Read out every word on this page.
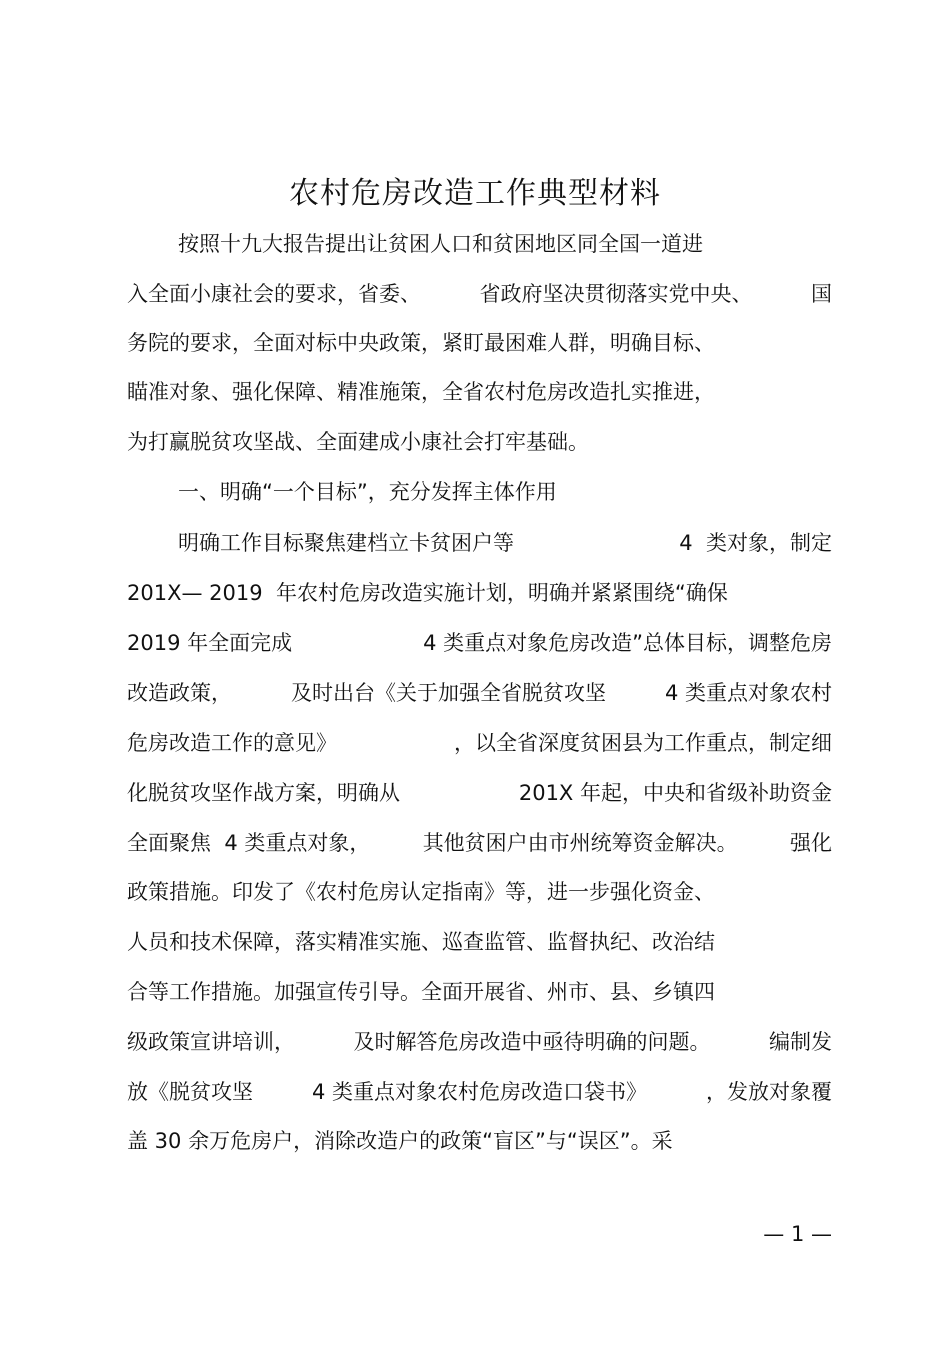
农村危房改造工作典型材料
按照十九大报告提出让贫困人口和贫困地区同全国一道进
入全面小康社会的要求，省委、	省政府坚决贯彻落实党中央、	国
务院的要求，全面对标中央政策，紧盯最困难人群，明确目标、
瞄准对象、强化保障、精准施策，全省农村危房改造扎实推进，
为打赢脱贫攻坚战、全面建成小康社会打牢基础。
一、明确“一个目标”，充分发挥主体作用
明确工作目标聚焦建档立卡贫困户等	4  类对象，制定
201X— 2019  年农村危房改造实施计划，明确并紧紧围绕“确保
2019 年全面完成	4 类重点对象危房改造”总体目标，调整危房
改造政策，	及时出台《关于加强全省脱贫攻坚	4 类重点对象农村
危房改造工作的意见》	，以全省深度贫困县为工作重点，制定细
化脱贫攻坚作战方案，明确从	201X 年起，中央和省级补助资金
全面聚焦  4 类重点对象， 其他贫困户由市州统筹资金解决。 强化
政策措施。印发了《农村危房认定指南》等，进一步强化资金、
人员和技术保障，落实精准实施、巡查监管、监督执纪、改治结
合等工作措施。加强宣传引导。全面开展省、州市、县、乡镇四
级政策宣讲培训，	及时解答危房改造中亟待明确的问题。	编制发
放《脱贫攻坚	4 类重点对象农村危房改造口袋书》	，发放对象覆
盖 30 余万危房户，消除改造户的政策“盲区”与“误区”。采
— 1 —
